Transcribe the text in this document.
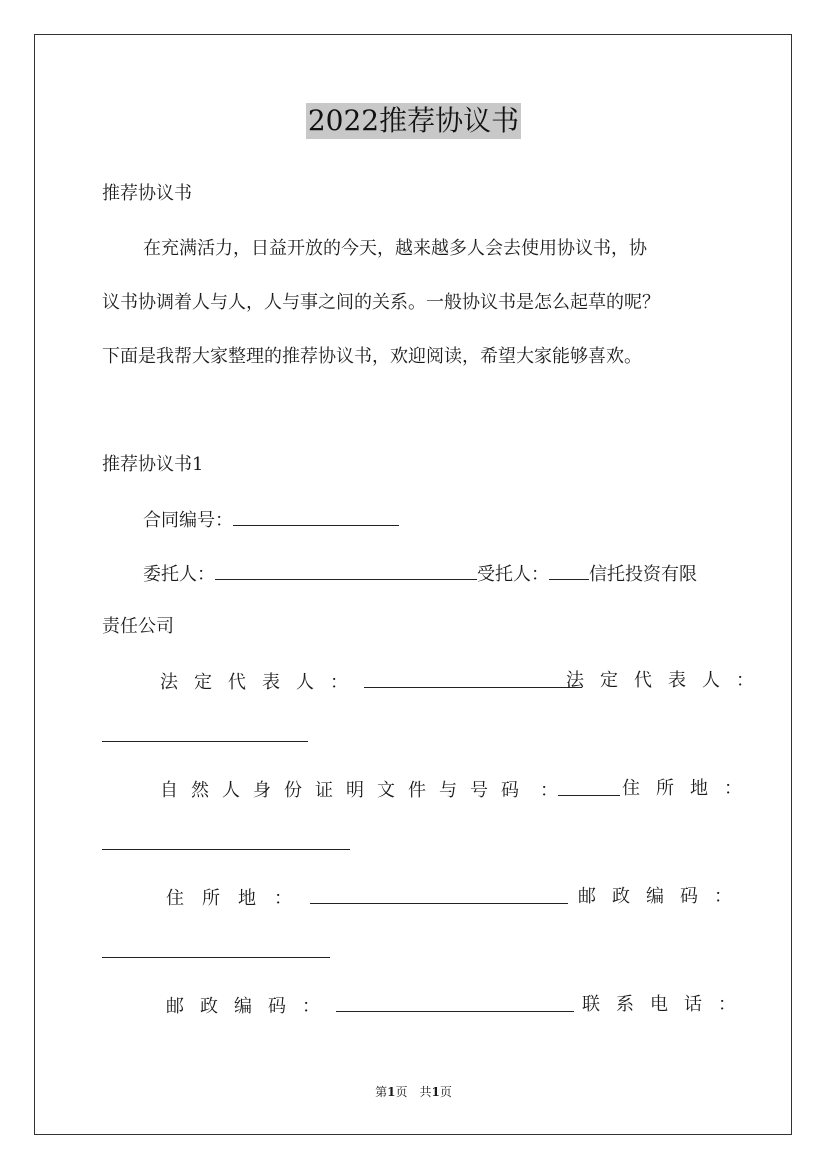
2022推荐协议书
推荐协议书
在充满活力，日益开放的今天，越来越多人会去使用协议书，协
议书协调着人与人，人与事之间的关系。一般协议书是怎么起草的呢？
下面是我帮大家整理的推荐协议书，欢迎阅读，希望大家能够喜欢。
推荐协议书1
合同编号：
委托人：	受托人： 信托投资有限
责任公司
法定代表人：	法定代表人：
自然人身份证明文件与号码 ：	住所地：
住所地：	邮政编码：
邮政编码：	联系电话：
第1页　共1页
